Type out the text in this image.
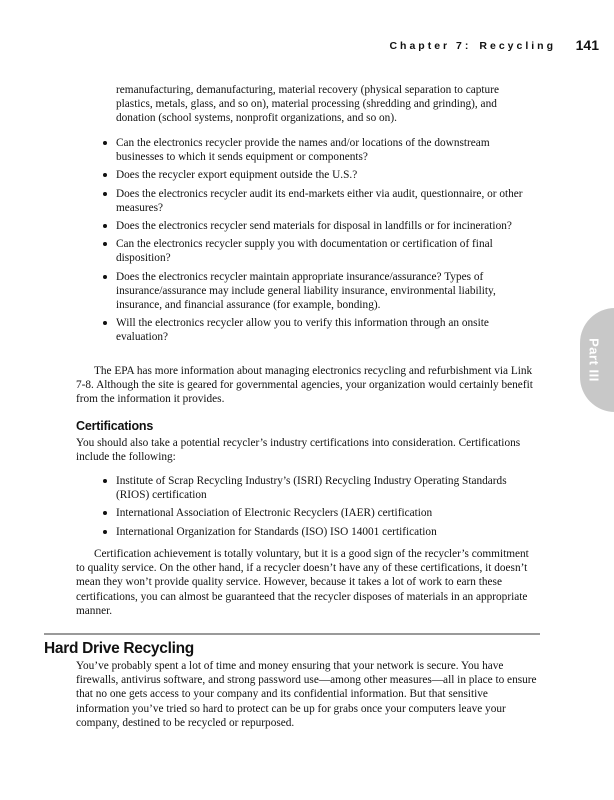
Chapter 7: Recycling 141
Part III

remanufacturing, demanufacturing, material recovery (physical separation to capture plastics, metals, glass, and so on), material processing (shredding and grinding), and donation (school systems, nonprofit organizations, and so on).

Can the electronics recycler provide the names and/or locations of the downstream businesses to which it sends equipment or components?
Does the recycler export equipment outside the U.S.?
Does the electronics recycler audit its end-markets either via audit, questionnaire, or other measures?
Does the electronics recycler send materials for disposal in landfills or for incineration?
Can the electronics recycler supply you with documentation or certification of final disposition?
Does the electronics recycler maintain appropriate insurance/assurance? Types of insurance/assurance may include general liability insurance, environmental liability, insurance, and financial assurance (for example, bonding).
Will the electronics recycler allow you to verify this information through an onsite evaluation?

The EPA has more information about managing electronics recycling and refurbishment via Link 7-8. Although the site is geared for governmental agencies, your organization would certainly benefit from the information it provides.

Certifications

You should also take a potential recycler’s industry certifications into consideration. Certifications include the following:

Institute of Scrap Recycling Industry’s (ISRI) Recycling Industry Operating Standards (RIOS) certification
International Association of Electronic Recyclers (IAER) certification
International Organization for Standards (ISO) ISO 14001 certification

Certification achievement is totally voluntary, but it is a good sign of the recycler’s commitment to quality service. On the other hand, if a recycler doesn’t have any of these certifications, it doesn’t mean they won’t provide quality service. However, because it takes a lot of work to earn these certifications, you can almost be guaranteed that the recycler disposes of materials in an appropriate manner.

Hard Drive Recycling

You’ve probably spent a lot of time and money ensuring that your network is secure. You have firewalls, antivirus software, and strong password use—among other measures—all in place to ensure that no one gets access to your company and its confidential information. But that sensitive information you’ve tried so hard to protect can be up for grabs once your computers leave your company, destined to be recycled or repurposed.
